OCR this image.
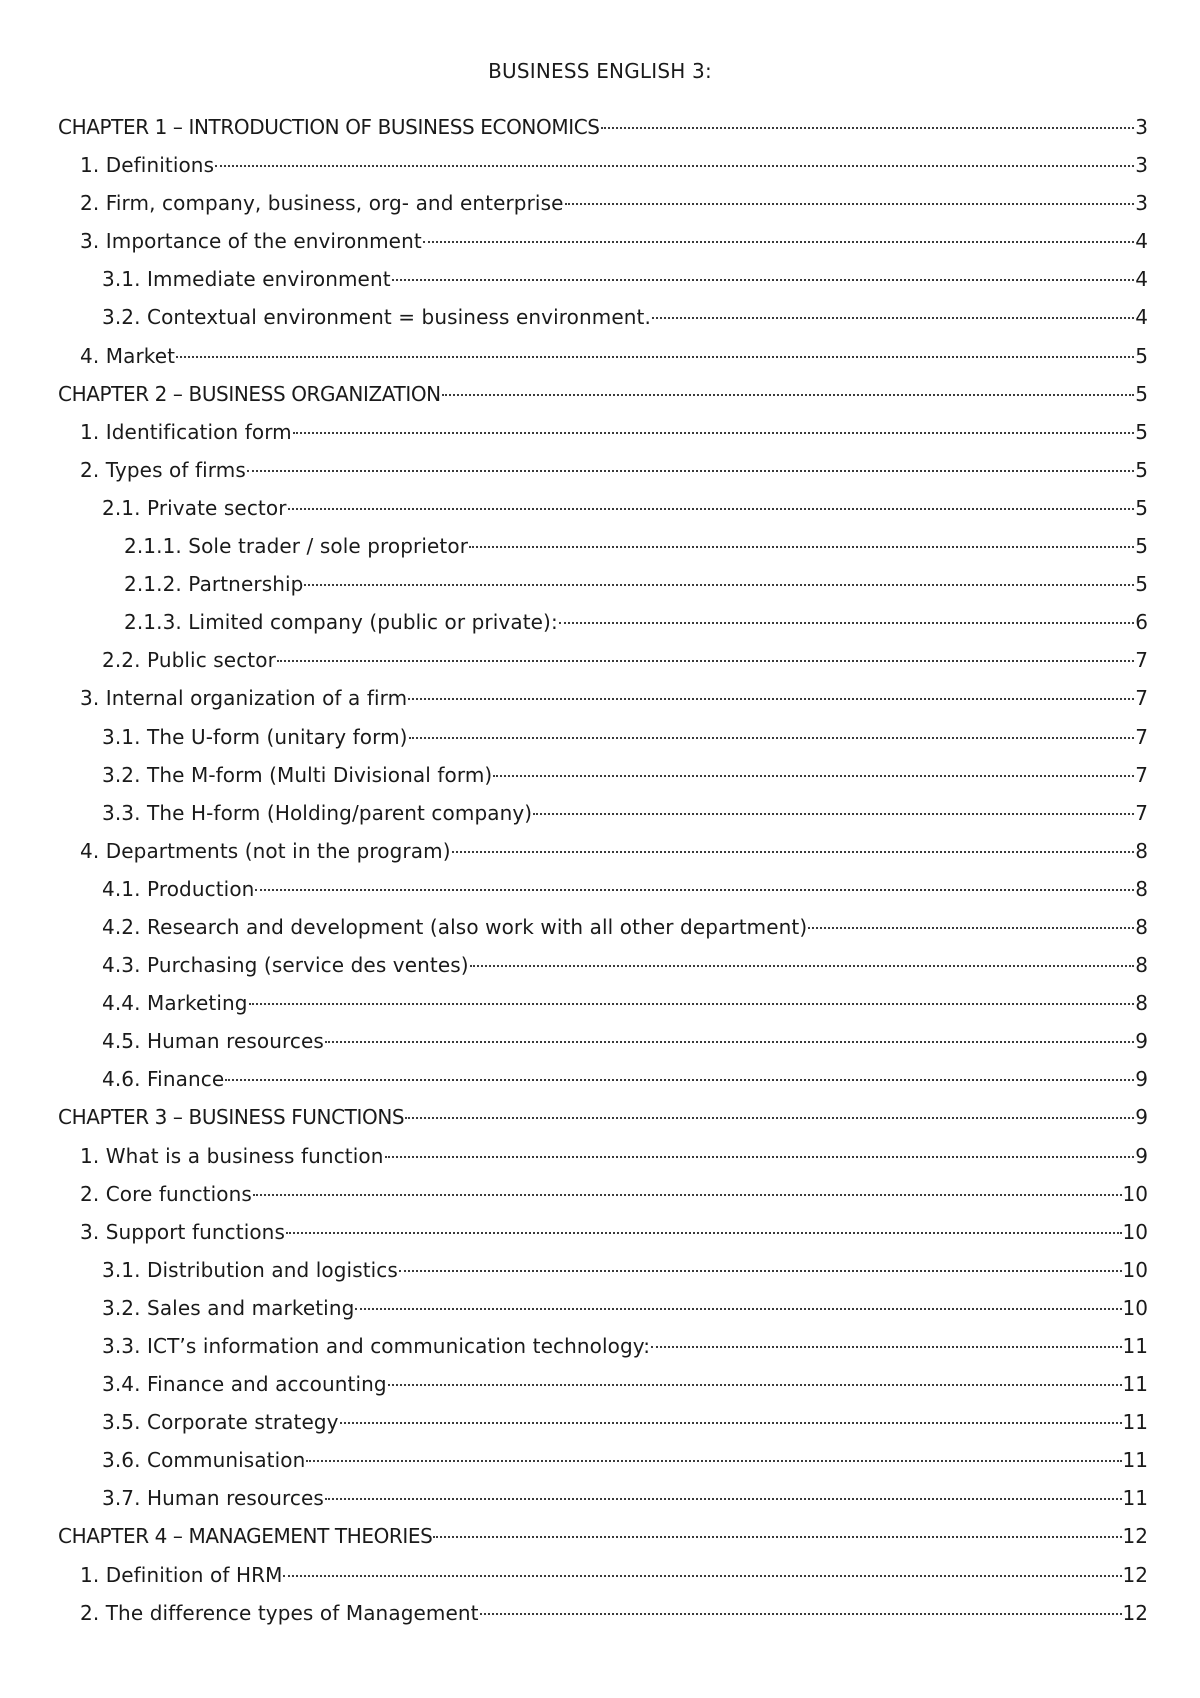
BUSINESS ENGLISH 3:
CHAPTER 1 – INTRODUCTION OF BUSINESS ECONOMICS	3
1. Definitions	3
2. Firm, company, business, org- and enterprise	3
3. Importance of the environment	4
3.1. Immediate environment	4
3.2. Contextual environment = business environment.	4
4. Market	5
CHAPTER 2 – BUSINESS ORGANIZATION	5
1. Identification form	5
2. Types of firms	5
2.1. Private sector	5
2.1.1. Sole trader / sole proprietor	5
2.1.2. Partnership	5
2.1.3. Limited company (public or private):	6
2.2. Public sector	7
3. Internal organization of a firm	7
3.1. The U-form (unitary form)	7
3.2. The M-form (Multi Divisional form)	7
3.3. The H-form (Holding/parent company)	7
4. Departments (not in the program)	8
4.1. Production	8
4.2. Research and development (also work with all other department)	8
4.3. Purchasing (service des ventes)	8
4.4. Marketing	8
4.5. Human resources	9
4.6. Finance	9
CHAPTER 3 – BUSINESS FUNCTIONS	9
1. What is a business function	9
2. Core functions	10
3. Support functions	10
3.1. Distribution and logistics	10
3.2. Sales and marketing	10
3.3. ICT’s information and communication technology:	11
3.4. Finance and accounting	11
3.5. Corporate strategy	11
3.6. Communisation	11
3.7. Human resources	11
CHAPTER 4 – MANAGEMENT THEORIES	12
1. Definition of HRM	12
2. The difference types of Management	12
